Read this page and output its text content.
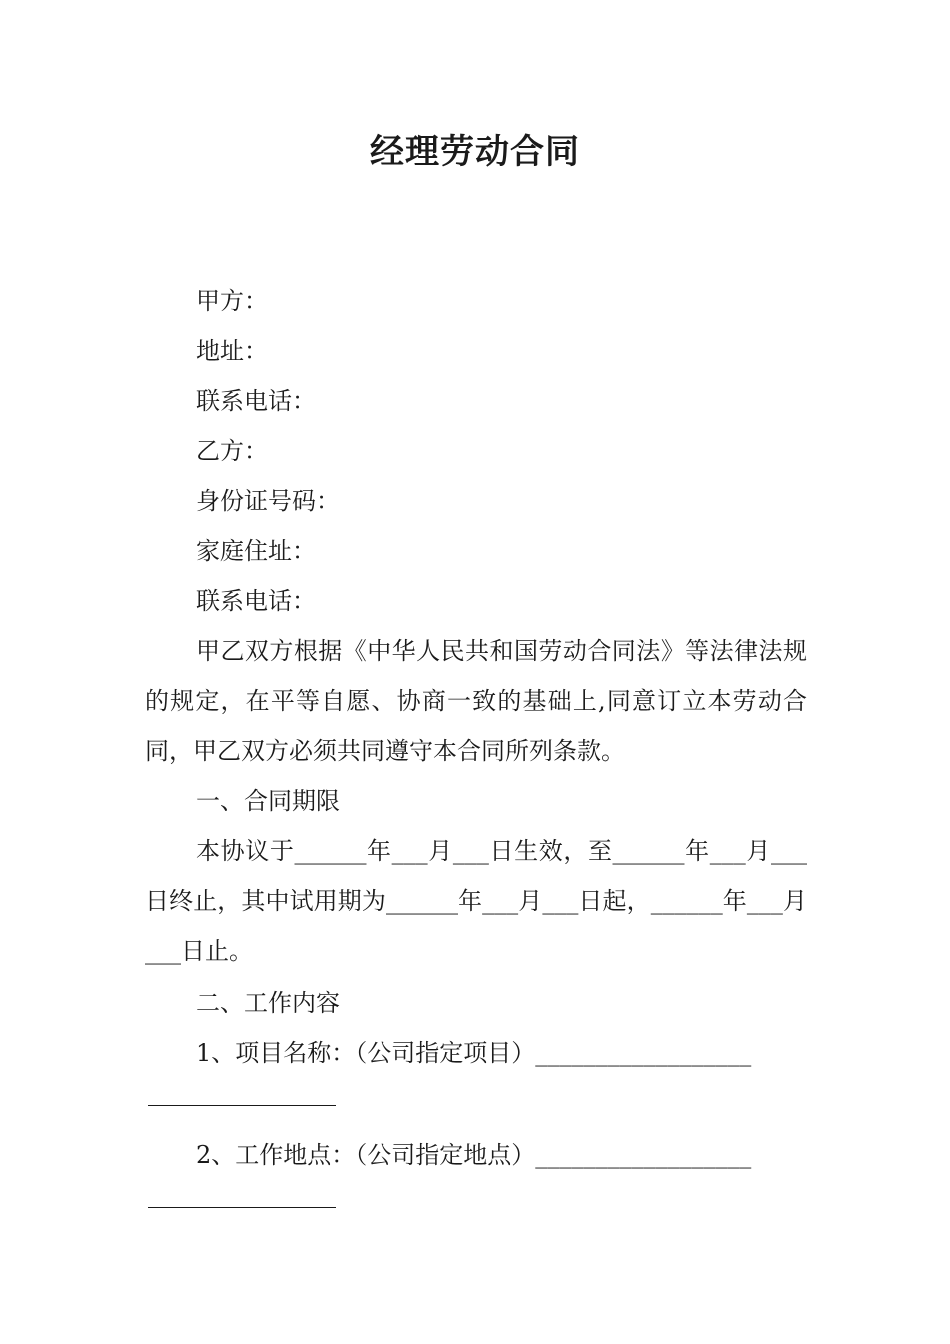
经理劳动合同

甲方：

地址：

联系电话：

乙方：

身份证号码：

家庭住址：

联系电话：

甲乙双方根据《中华人民共和国劳动合同法》等法律法规的规定，在平等自愿、协商一致的基础上,同意订立本劳动合同，甲乙双方必须共同遵守本合同所列条款。

一、合同期限

本协议于______年___月___日生效，至______年___月___日终止，其中试用期为______年___月___日起，______年___月___日止。

二、工作内容

1、项目名称：（公司指定项目）__________________

2、工作地点：（公司指定地点）__________________
